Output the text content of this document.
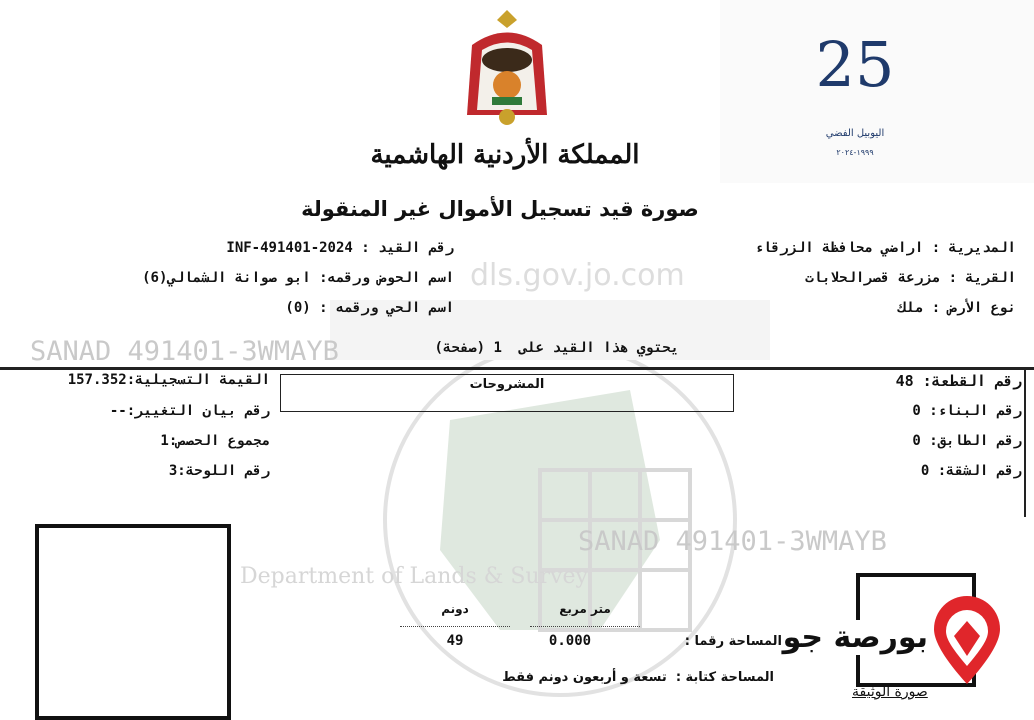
dls.gov.jo.com
Department of Lands & Survey
المملكة الأردنية الهاشمية
25
اليوبيل الفضي
١٩٩٩-٢٠٢٤
صورة قيد تسجيل الأموال غير المنقولة
المديرية : اراضي محافظة الزرقاء
القرية : مزرعة قصرالحلابات
نوع الأرض : ملك
رقم القيد : 2024-INF-491401
اسم الحوض ورقمه: ابو صوانة الشمالي(6)
اسم الحي ورقمه : (0)
SANAD 491401-3WMAYB
SANAD 491401-3WMAYB
يحتوي هذا القيد على  1 (صفحة)
رقم القطعة: 48
رقم البناء: 0
رقم الطابق: 0
رقم الشقة: 0
المشروحات
القيمة التسجيلية:157.352
رقم بيان التغيير:--
مجموع الحصص:1
رقم اللوحة:3
صورة الوثيقة
دونم	متر مربع
49	0.000	المساحة رقما :
المساحة كتابة :  تسعة و أربعون دونم فقط
بورصة جو
